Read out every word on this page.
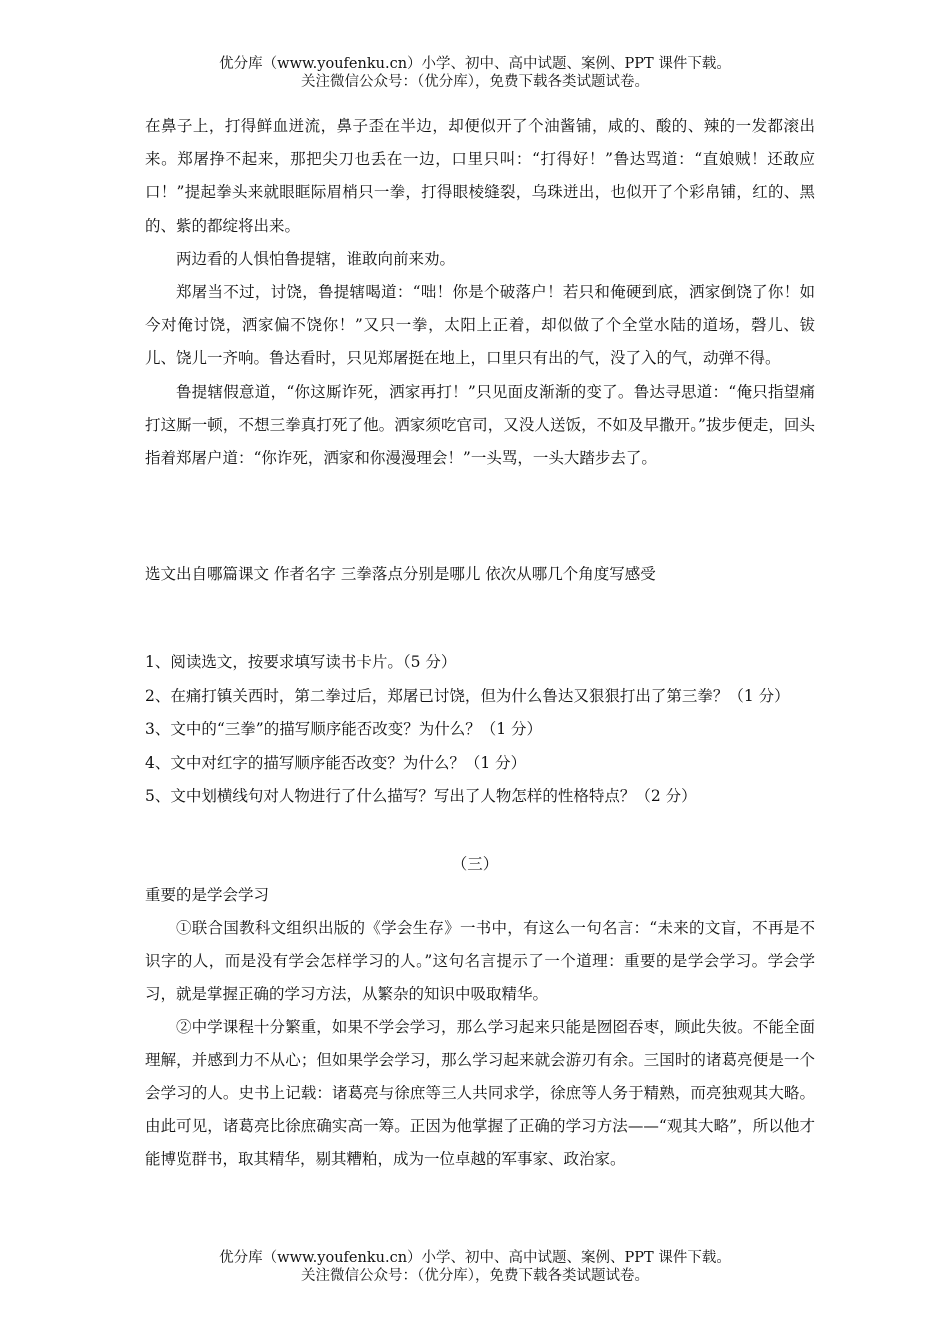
优分库（www.youfenku.cn）小学、初中、高中试题、案例、PPT 课件下载。
关注微信公众号：（优分库），免费下载各类试题试卷。

在鼻子上，打得鲜血迸流，鼻子歪在半边，却便似开了个油酱铺，咸的、酸的、辣的一发都滚出来。郑屠挣不起来，那把尖刀也丢在一边，口里只叫：“打得好！”鲁达骂道：“直娘贼！还敢应口！”提起拳头来就眼眶际眉梢只一拳，打得眼棱缝裂，乌珠迸出，也似开了个彩帛铺，红的、黑的、紫的都绽将出来。

两边看的人惧怕鲁提辖，谁敢向前来劝。

郑屠当不过，讨饶，鲁提辖喝道：“咄！你是个破落户！若只和俺硬到底，洒家倒饶了你！如今对俺讨饶，洒家偏不饶你！”又只一拳，太阳上正着，却似做了个全堂水陆的道场，磬儿、钹儿、饶儿一齐响。鲁达看时，只见郑屠挺在地上，口里只有出的气，没了入的气，动弹不得。

鲁提辖假意道，“你这厮诈死，洒家再打！”只见面皮渐渐的变了。鲁达寻思道：“俺只指望痛打这厮一顿，不想三拳真打死了他。洒家须吃官司，又没人送饭，不如及早撒开。”拔步便走，回头指着郑屠户道：“你诈死，洒家和你漫漫理会！”一头骂，一头大踏步去了。

选文出自哪篇课文 作者名字 三拳落点分别是哪儿 依次从哪几个角度写感受

1、阅读选文，按要求填写读书卡片。（5 分）

2、在痛打镇关西时，第二拳过后，郑屠已讨饶，但为什么鲁达又狠狠打出了第三拳？（1 分）

3、文中的“三拳”的描写顺序能否改变？为什么？（1 分）

4、文中对红字的描写顺序能否改变？为什么？（1 分）

5、文中划横线句对人物进行了什么描写？写出了人物怎样的性格特点？（2 分）

（三）

重要的是学会学习

①联合国教科文组织出版的《学会生存》一书中，有这么一句名言：“未来的文盲，不再是不识字的人，而是没有学会怎样学习的人。”这句名言提示了一个道理：重要的是学会学习。学会学习，就是掌握正确的学习方法，从繁杂的知识中吸取精华。

②中学课程十分繁重，如果不学会学习，那么学习起来只能是囫囵吞枣，顾此失彼。不能全面理解，并感到力不从心；但如果学会学习，那么学习起来就会游刃有余。三国时的诸葛亮便是一个会学习的人。史书上记载：诸葛亮与徐庶等三人共同求学，徐庶等人务于精熟，而亮独观其大略。由此可见，诸葛亮比徐庶确实高一筹。正因为他掌握了正确的学习方法——“观其大略”，所以他才能博览群书，取其精华，剔其糟粕，成为一位卓越的军事家、政治家。

优分库（www.youfenku.cn）小学、初中、高中试题、案例、PPT 课件下载。
关注微信公众号：（优分库），免费下载各类试题试卷。
